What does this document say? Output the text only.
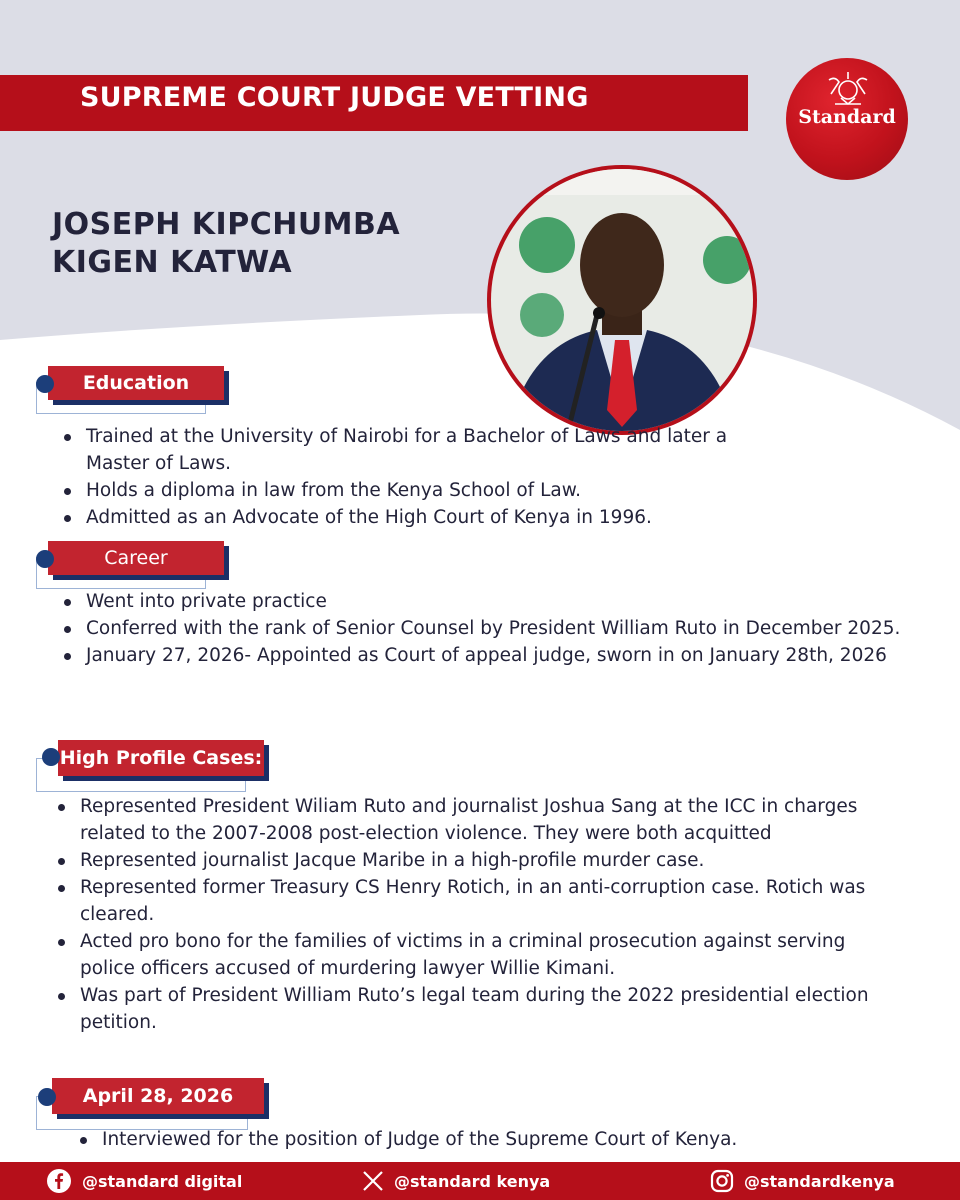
SUPREME COURT JUDGE VETTING
Standard
JOSEPH KIPCHUMBA
KIGEN KATWA
Education
Trained at the University of Nairobi for a Bachelor of Laws and later a Master of Laws.
Holds a diploma in law from the Kenya School of Law.
Admitted as an Advocate of the High Court of Kenya in 1996.
Career
Went into private practice
Conferred with the rank of Senior Counsel by President William Ruto in December 2025.
January 27, 2026- Appointed as Court of appeal judge, sworn in on January 28th, 2026
High Profile Cases:
Represented President Wiliam Ruto and journalist Joshua Sang at the ICC in charges related to the 2007-2008 post-election violence. They were both acquitted
Represented journalist Jacque Maribe in a high-profile murder case.
Represented former Treasury CS Henry Rotich, in an anti-corruption case. Rotich was cleared.
Acted pro bono for the families of victims in a criminal prosecution against serving police officers accused of murdering lawyer Willie Kimani.
Was part of President William Ruto’s legal team during the 2022 presidential election petition.
April 28, 2026
Interviewed for the position of Judge of the Supreme Court of Kenya.
@standard digital	@standard kenya	@standardkenya
